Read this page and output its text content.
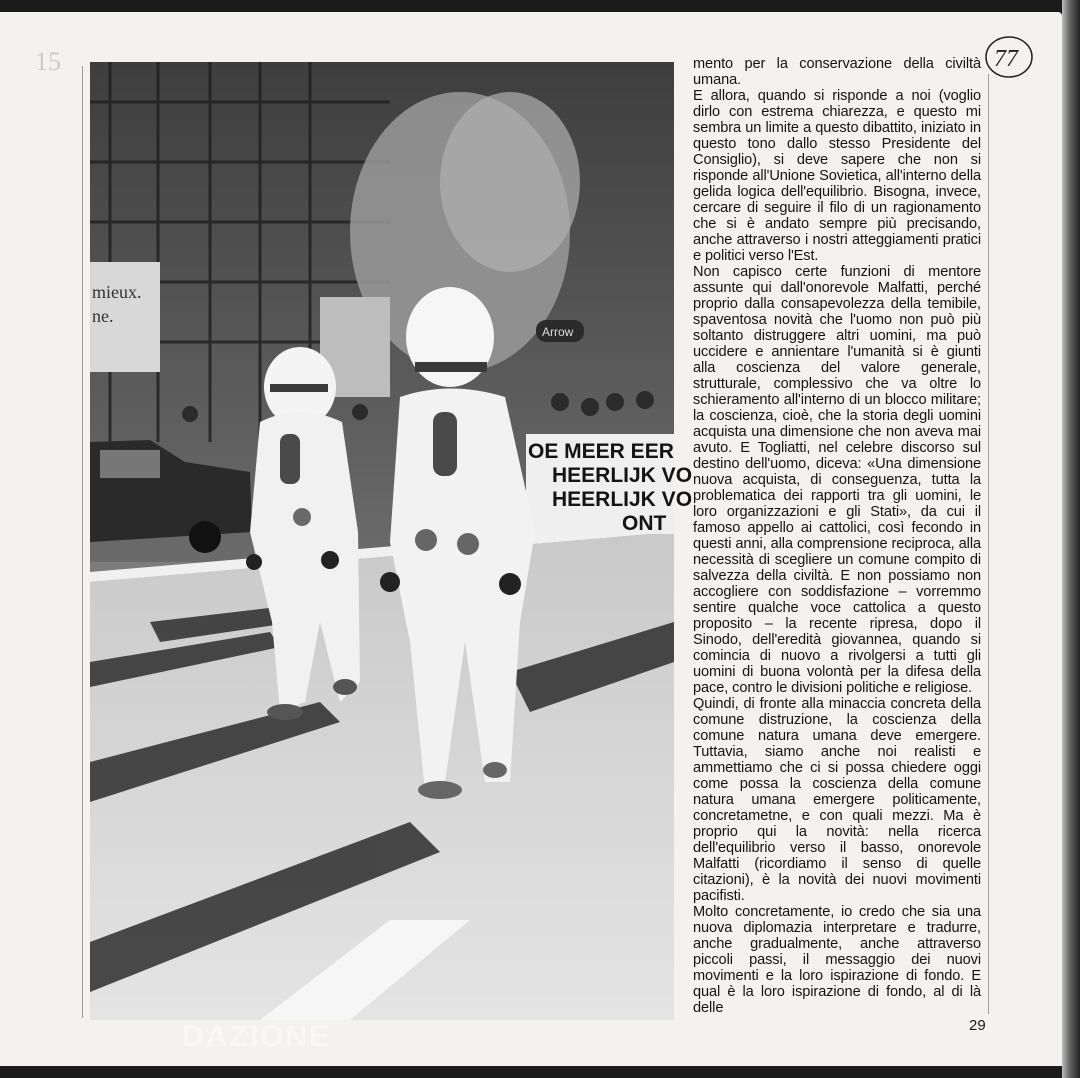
15
mieux.
ne.
Arrow
OE MEER EER
HEERLIJK VO
HEERLIJK VO
ONT
DAZIONE
77

mento per la conservazione della civiltà umana.

E allora, quando si risponde a noi (voglio dirlo con estrema chiarezza, e questo mi sembra un limite a questo dibattito, iniziato in questo tono dallo stesso Presidente del Consiglio), si deve sapere che non si risponde all'Unione Sovietica, all'interno della gelida logica dell'equilibrio. Bisogna, invece, cercare di seguire il filo di un ragionamento che si è andato sempre più precisando, anche attraverso i nostri atteggiamenti pratici e politici verso l'Est.

Non capisco certe funzioni di mentore assunte qui dall'onorevole Malfatti, perché proprio dalla consapevolezza della temibile, spaventosa novità che l'uomo non può più soltanto distruggere altri uomini, ma può uccidere e annientare l'umanità si è giunti alla coscienza del valore generale, strutturale, complessivo che va oltre lo schieramento all'interno di un blocco militare; la coscienza, cioè, che la storia degli uomini acquista una dimensione che non aveva mai avuto. E Togliatti, nel celebre discorso sul destino dell'uomo, diceva: «Una dimensione nuova acquista, di conseguenza, tutta la problematica dei rapporti tra gli uomini, le loro organizzazioni e gli Stati», da cui il famoso appello ai cattolici, così fecondo in questi anni, alla comprensione reciproca, alla necessità di scegliere un comune compito di salvezza della civiltà. E non possiamo non accogliere con soddisfazione – vorremmo sentire qualche voce cattolica a questo proposito – la recente ripresa, dopo il Sinodo, dell'eredità giovannea, quando si comincia di nuovo a rivolgersi a tutti gli uomini di buona volontà per la difesa della pace, contro le divisioni politiche e religiose.

Quindi, di fronte alla minaccia concreta della comune distruzione, la coscienza della comune natura umana deve emergere. Tuttavia, siamo anche noi realisti e ammettiamo che ci si possa chiedere oggi come possa la coscienza della comune natura umana emergere politicamente, concretametne, e con quali mezzi. Ma è proprio qui la novità: nella ricerca dell'equilibrio verso il basso, onorevole Malfatti (ricordiamo il senso di quelle citazioni), è la novità dei nuovi movimenti pacifisti.

Molto concretamente, io credo che sia una nuova diplomazia interpretare e tradurre, anche gradualmente, anche attraverso piccoli passi, il messaggio dei nuovi movimenti e la loro ispirazione di fondo. E qual è la loro ispirazione di fondo, al di là delle

29
